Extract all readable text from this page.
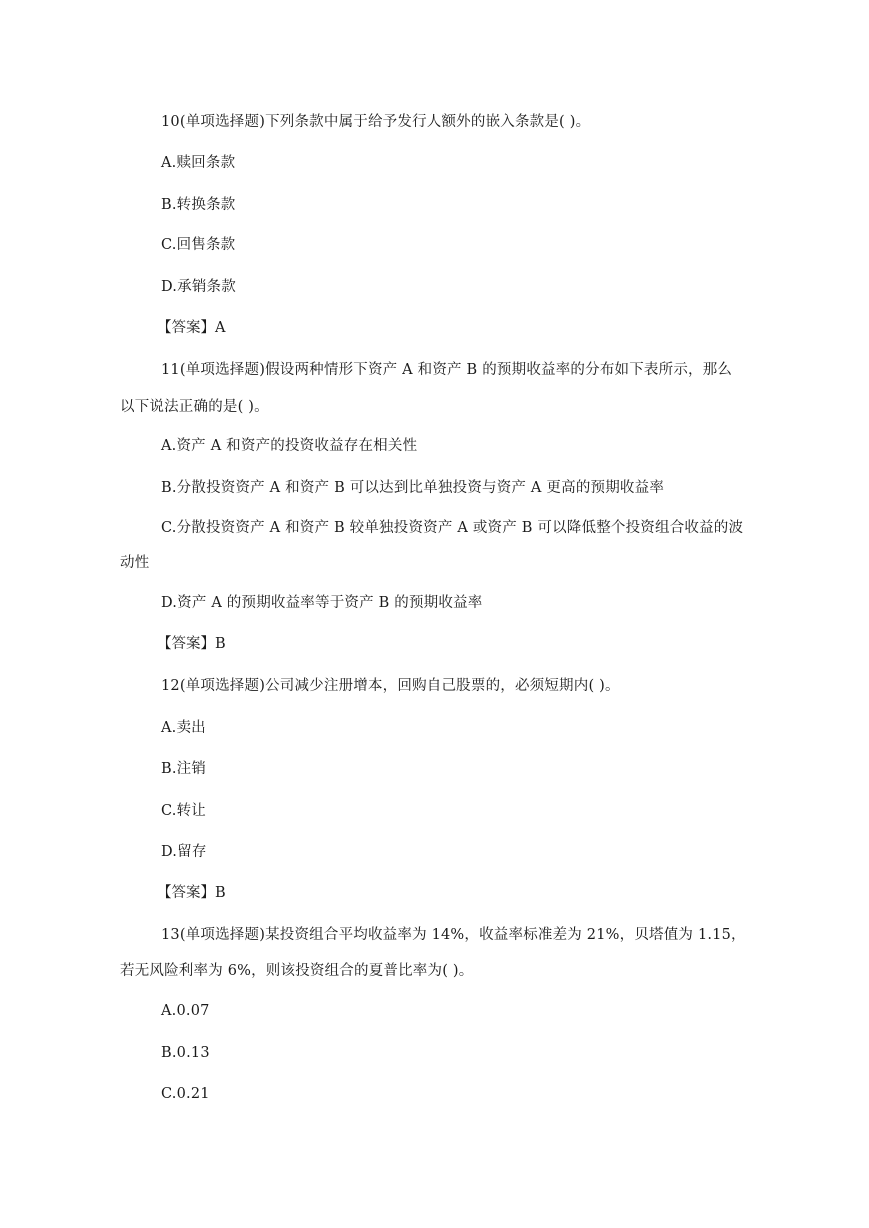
10(单项选择题)下列条款中属于给予发行人额外的嵌入条款是( )。
A.赎回条款
B.转换条款
C.回售条款
D.承销条款
【答案】A
11(单项选择题)假设两种情形下资产 A 和资产 B 的预期收益率的分布如下表所示，那么
以下说法正确的是( )。
A.资产 A 和资产的投资收益存在相关性
B.分散投资资产 A 和资产 B 可以达到比单独投资与资产 A 更高的预期收益率
C.分散投资资产 A 和资产 B 较单独投资资产 A 或资产 B 可以降低整个投资组合收益的波
动性
D.资产 A 的预期收益率等于资产 B 的预期收益率
【答案】B
12(单项选择题)公司减少注册增本，回购自己股票的，必须短期内( )。
A.卖出
B.注销
C.转让
D.留存
【答案】B
13(单项选择题)某投资组合平均收益率为 14%，收益率标准差为 21%，贝塔值为 1.15，
若无风险利率为 6%，则该投资组合的夏普比率为( )。
A.0.07
B.0.13
C.0.21
